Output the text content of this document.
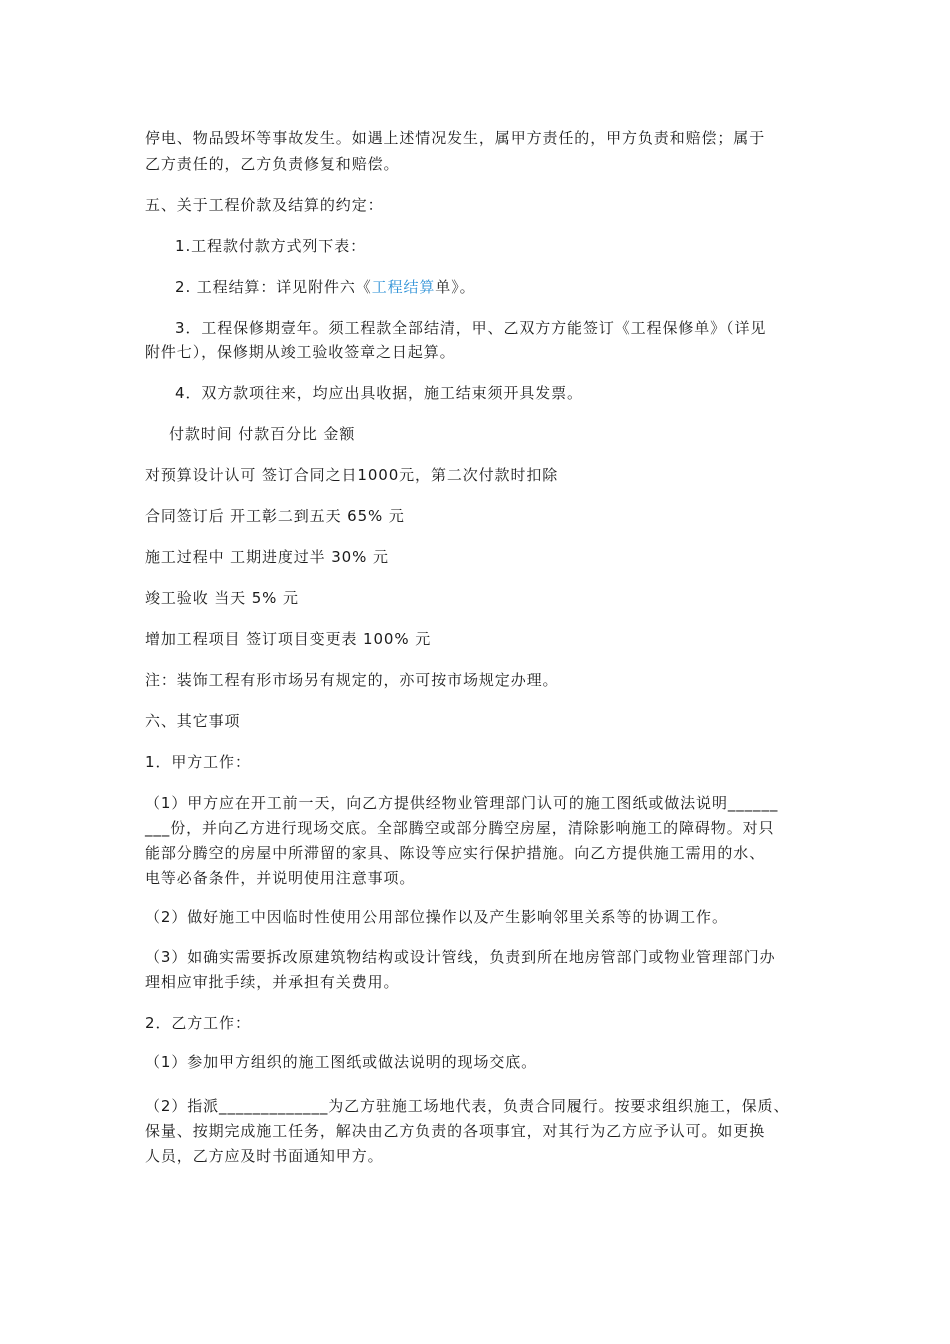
停电、物品毁坏等事故发生。如遇上述情况发生，属甲方责任的，甲方负责和赔偿；属于
乙方责任的，乙方负责修复和赔偿。
五、关于工程价款及结算的约定：
1.工程款付款方式列下表：
2. 工程结算：详见附件六《工程结算单》。
3．工程保修期壹年。须工程款全部结清，甲、乙双方方能签订《工程保修单》（详见
附件七），保修期从竣工验收签章之日起算。
4．双方款项往来，均应出具收据，施工结束须开具发票。
付款时间 付款百分比 金额
对预算设计认可 签订合同之日1000元，第二次付款时扣除
合同签订后 开工彰二到五天 65% 元
施工过程中 工期进度过半 30% 元
竣工验收 当天 5% 元
增加工程项目 签订项目变更表 100% 元
注：装饰工程有形市场另有规定的，亦可按市场规定办理。
六、其它事项
1．甲方工作：
（1）甲方应在开工前一天，向乙方提供经物业管理部门认可的施工图纸或做法说明______
___份，并向乙方进行现场交底。全部腾空或部分腾空房屋，清除影响施工的障碍物。对只
能部分腾空的房屋中所滞留的家具、陈设等应实行保护措施。向乙方提供施工需用的水、
电等必备条件，并说明使用注意事项。
（2）做好施工中因临时性使用公用部位操作以及产生影响邻里关系等的协调工作。
（3）如确实需要拆改原建筑物结构或设计管线，负责到所在地房管部门或物业管理部门办
理相应审批手续，并承担有关费用。
2．乙方工作：
（1）参加甲方组织的施工图纸或做法说明的现场交底。
（2）指派_____________为乙方驻施工场地代表，负责合同履行。按要求组织施工，保质、
保量、按期完成施工任务，解决由乙方负责的各项事宜，对其行为乙方应予认可。如更换
人员，乙方应及时书面通知甲方。
